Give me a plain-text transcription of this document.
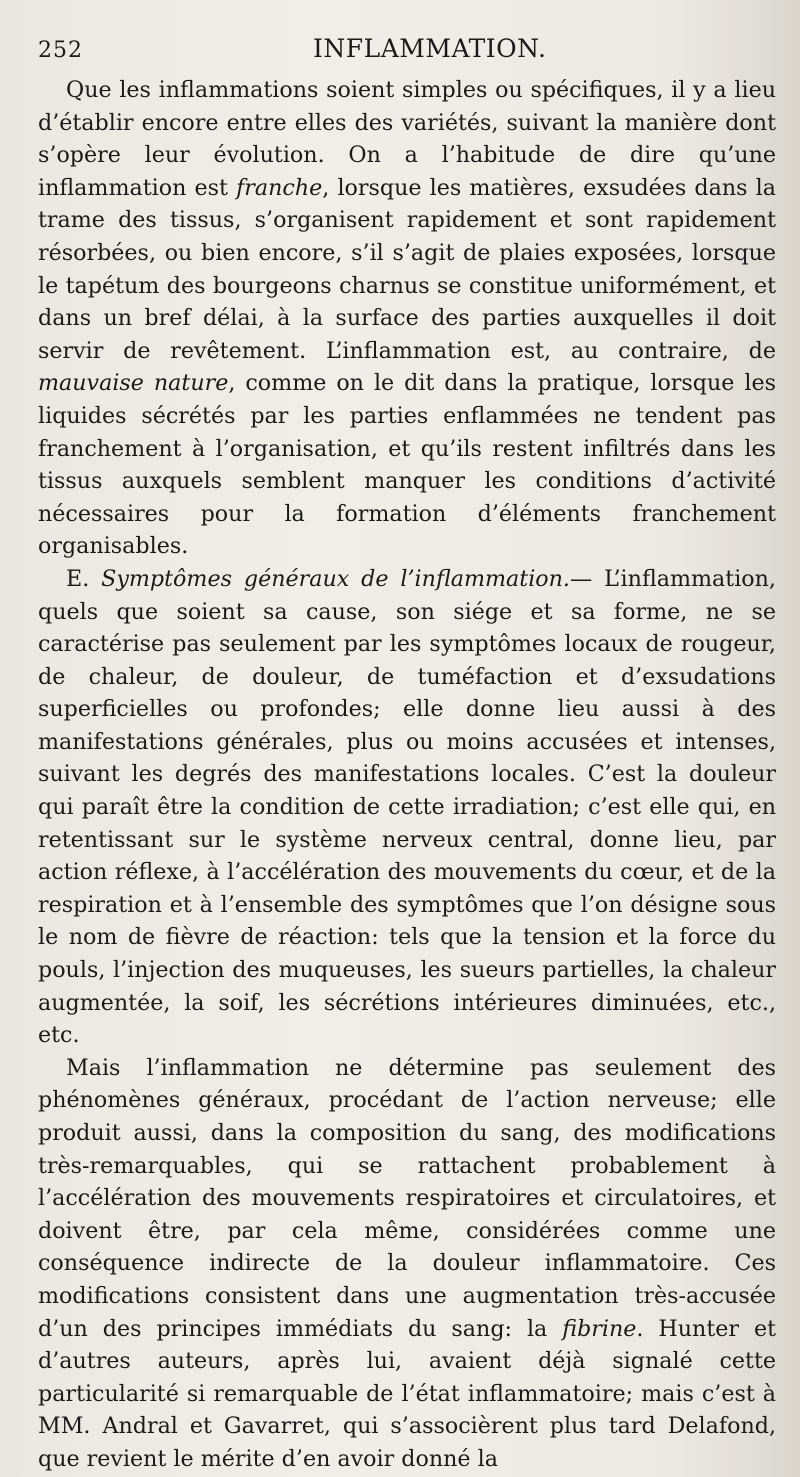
252	INFLAMMATION.

Que les inflammations soient simples ou spécifiques, il y a lieu d’établir encore entre elles des variétés, suivant la manière dont s’opère leur évolution. On a l’habitude de dire qu’une inflammation est franche, lorsque les matières, exsudées dans la trame des tissus, s’organisent rapidement et sont rapidement résorbées, ou bien encore, s’il s’agit de plaies exposées, lorsque le tapétum des bourgeons charnus se constitue uniformément, et dans un bref délai, à la surface des parties auxquelles il doit servir de revêtement. L’inflammation est, au contraire, de mauvaise nature, comme on le dit dans la pratique, lorsque les liquides sécrétés par les parties enflammées ne tendent pas franchement à l’organisation, et qu’ils restent infiltrés dans les tissus auxquels semblent manquer les conditions d’activité nécessaires pour la formation d’éléments franchement organisables.

E. Symptômes généraux de l’inflammation.— L’inflammation, quels que soient sa cause, son siége et sa forme, ne se caractérise pas seulement par les symptômes locaux de rougeur, de chaleur, de douleur, de tuméfaction et d’exsudations superficielles ou profondes; elle donne lieu aussi à des manifestations générales, plus ou moins accusées et intenses, suivant les degrés des manifestations locales. C’est la douleur qui paraît être la condition de cette irradiation; c’est elle qui, en retentissant sur le système nerveux central, donne lieu, par action réflexe, à l’accélération des mouvements du cœur, et de la respiration et à l’ensemble des symptômes que l’on désigne sous le nom de fièvre de réaction: tels que la tension et la force du pouls, l’injection des muqueuses, les sueurs partielles, la chaleur augmentée, la soif, les sécrétions intérieures diminuées, etc., etc.

Mais l’inflammation ne détermine pas seulement des phénomènes généraux, procédant de l’action nerveuse; elle produit aussi, dans la composition du sang, des modifications très-remarquables, qui se rattachent probablement à l’accélération des mouvements respiratoires et circulatoires, et doivent être, par cela même, considérées comme une conséquence indirecte de la douleur inflammatoire. Ces modifications consistent dans une augmentation très-accusée d’un des principes immédiats du sang: la fibrine. Hunter et d’autres auteurs, après lui, avaient déjà signalé cette particularité si remarquable de l’état inflammatoire; mais c’est à MM. Andral et Gavarret, qui s’associèrent plus tard Delafond, que revient le mérite d’en avoir donné la
